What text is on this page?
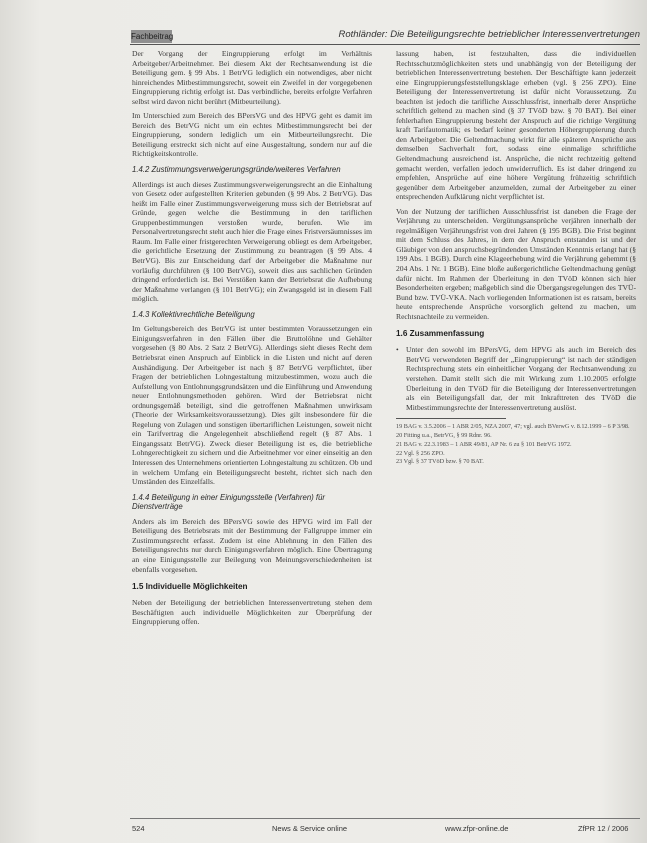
Fachbeitrag	Rothländer: Die Beteiligungsrechte betrieblicher Interessenvertretungen
Der Vorgang der Eingruppierung erfolgt im Verhältnis Arbeitgeber/Arbeitnehmer. Bei diesem Akt der Rechtsanwendung ist die Beteiligung gem. § 99 Abs. 1 BetrVG lediglich ein notwendiges, aber nicht hinreichendes Mitbestimmungsrecht, soweit ein Zweifel in der vorgegebenen Eingruppierung richtig erfolgt ist. Das verbindliche, bereits erfolgte Verfahren selbst wird davon nicht berührt (Mitbeurteilung).
Im Unterschied zum Bereich des BPersVG und des HPVG geht es damit im Bereich des BetrVG nicht um ein echtes Mitbestimmungsrecht bei der Eingruppierung, sondern lediglich um ein Mitbeurteilungsrecht. Die Beteiligung erstreckt sich nicht auf eine Ausgestaltung, sondern nur auf die Richtigkeitskontrolle.
1.4.2 Zustimmungsverweigerungsgründe/weiteres Verfahren
Allerdings ist auch dieses Zustimmungsverweigerungsrecht an die Einhaltung von Gesetz oder aufgestellten Kriterien gebunden (§ 99 Abs. 2 BetrVG). Das heißt im Falle einer Zustimmungsverweigerung muss sich der Betriebsrat auf Gründe, gegen welche die Bestimmung in den tariflichen Gruppenbestimmungen verstoßen wurde, berufen. Wie im Personalvertretungsrecht steht auch hier die Frage eines Fristversäumnisses im Raum. Im Falle einer fristgerechten Verweigerung obliegt es dem Arbeitgeber, die gerichtliche Ersetzung der Zustimmung zu beantragen (§ 99 Abs. 4 BetrVG). Bis zur Entscheidung darf der Arbeitgeber die Maßnahme nur vorläufig durchführen (§ 100 BetrVG), soweit dies aus sachlichen Gründen dringend erforderlich ist. Bei Verstößen kann der Betriebsrat die Aufhebung der Maßnahme verlangen (§ 101 BetrVG); ein Zwangsgeld ist in diesem Fall möglich.
1.4.3 Kollektivrechtliche Beteiligung
Im Geltungsbereich des BetrVG ist unter bestimmten Voraussetzungen ein Einigungsverfahren in den Fällen über die Bruttolöhne und Gehälter vorgesehen (§ 80 Abs. 2 Satz 2 BetrVG). Allerdings sieht dieses Recht dem Betriebsrat einen Anspruch auf Einblick in die Listen und nicht auf deren Aushändigung. Der Arbeitgeber ist nach § 87 BetrVG verpflichtet, über Fragen der betrieblichen Lohngestaltung mitzubestimmen, wozu auch die Aufstellung von Entlohnungsgrundsätzen und die Einführung und Anwendung neuer Entlohnungsmethoden gehören. Wird der Betriebsrat nicht ordnungsgemäß beteiligt, sind die getroffenen Maßnahmen unwirksam (Theorie der Wirksamkeitsvoraussetzung). Dies gilt insbesondere für die Regelung von Zulagen und sonstigen übertariflichen Leistungen, soweit nicht ein Tarifvertrag die Angelegenheit abschließend regelt (§ 87 Abs. 1 Eingangssatz BetrVG). Zweck dieser Beteiligung ist es, die betriebliche Lohngerechtigkeit zu sichern und die Arbeitnehmer vor einer einseitig an den Interessen des Unternehmens orientierten Lohngestaltung zu schützen. Ob und in welchem Umfang ein Beteiligungsrecht besteht, richtet sich nach den Umständen des Einzelfalls.
1.4.4 Beteiligung in einer Einigungsstelle (Verfahren) für Dienstverträge
Anders als im Bereich des BPersVG sowie des HPVG wird im Fall der Beteiligung des Betriebsrats mit der Bestimmung der Fallgruppe immer ein Zustimmungsrecht erfasst. Zudem ist eine Ablehnung in den Fällen des Beteiligungsrechts nur durch Einigungsverfahren möglich. Eine Übertragung an eine Einigungsstelle zur Beilegung von Meinungsverschiedenheiten ist ebenfalls vorgesehen.
1.5 Individuelle Möglichkeiten
Neben der Beteiligung der betrieblichen Interessenvertretung stehen dem Beschäftigten auch individuelle Möglichkeiten zur Überprüfung der Eingruppierung offen.
lassung haben, ist festzuhalten, dass die individuellen Rechtsschutzmöglichkeiten stets und unabhängig von der Beteiligung der betrieblichen Interessenvertretung bestehen. Der Beschäftigte kann jederzeit eine Eingruppierungsfeststellungsklage erheben (vgl. § 256 ZPO). Eine Beteiligung der Interessenvertretung ist dafür nicht Voraussetzung. Zu beachten ist jedoch die tarifliche Ausschlussfrist, innerhalb derer Ansprüche schriftlich geltend zu machen sind (§ 37 TVöD bzw. § 70 BAT). Bei einer fehlerhaften Eingruppierung besteht der Anspruch auf die richtige Vergütung kraft Tarifautomatik; es bedarf keiner gesonderten Höhergruppierung durch den Arbeitgeber. Die Geltendmachung wirkt für alle späteren Ansprüche aus demselben Sachverhalt fort, sodass eine einmalige schriftliche Geltendmachung ausreichend ist. Ansprüche, die nicht rechtzeitig geltend gemacht werden, verfallen jedoch unwiderruflich. Es ist daher dringend zu empfehlen, Ansprüche auf eine höhere Vergütung frühzeitig schriftlich gegenüber dem Arbeitgeber anzumelden, zumal der Arbeitgeber zu einer entsprechenden Aufklärung nicht verpflichtet ist.
Von der Nutzung der tariflichen Ausschlussfrist ist daneben die Frage der Verjährung zu unterscheiden. Vergütungsansprüche verjähren innerhalb der regelmäßigen Verjährungsfrist von drei Jahren (§ 195 BGB). Die Frist beginnt mit dem Schluss des Jahres, in dem der Anspruch entstanden ist und der Gläubiger von den anspruchsbegründenden Umständen Kenntnis erlangt hat (§ 199 Abs. 1 BGB). Durch eine Klageerhebung wird die Verjährung gehemmt (§ 204 Abs. 1 Nr. 1 BGB). Eine bloße außergerichtliche Geltendmachung genügt dafür nicht. Im Rahmen der Überleitung in den TVöD können sich hier Besonderheiten ergeben; maßgeblich sind die Übergangsregelungen des TVÜ-Bund bzw. TVÜ-VKA. Nach vorliegenden Informationen ist es ratsam, bereits heute entsprechende Ansprüche vorsorglich geltend zu machen, um Rechtsnachteile zu vermeiden.
1.6 Zusammenfassung
• Unter den sowohl im BPersVG, dem HPVG als auch im Bereich des BetrVG verwendeten Begriff der „Eingruppierung“ ist nach der ständigen Rechtsprechung stets ein einheitlicher Vorgang der Rechtsanwendung zu verstehen. Damit stellt sich die mit Wirkung zum 1.10.2005 erfolgte Überleitung in den TVöD für die Beteiligung der Interessenvertretungen als ein Beteiligungsfall dar, der mit Inkrafttreten des TVöD die Mitbestimmungsrechte der Interessenvertretung auslöst.
19 BAG v. 3.5.2006 – 1 ABR 2/05, NZA 2007, 47; vgl. auch BVerwG v. 8.12.1999 – 6 P 3/98.
20 Fitting u.a., BetrVG, § 99 Rdnr. 96.
21 BAG v. 22.3.1983 – 1 ABR 49/81, AP Nr. 6 zu § 101 BetrVG 1972.
22 Vgl. § 256 ZPO.
23 Vgl. § 37 TVöD bzw. § 70 BAT.
524	News & Service online	www.zfpr-online.de	ZfPR 12 / 2006
